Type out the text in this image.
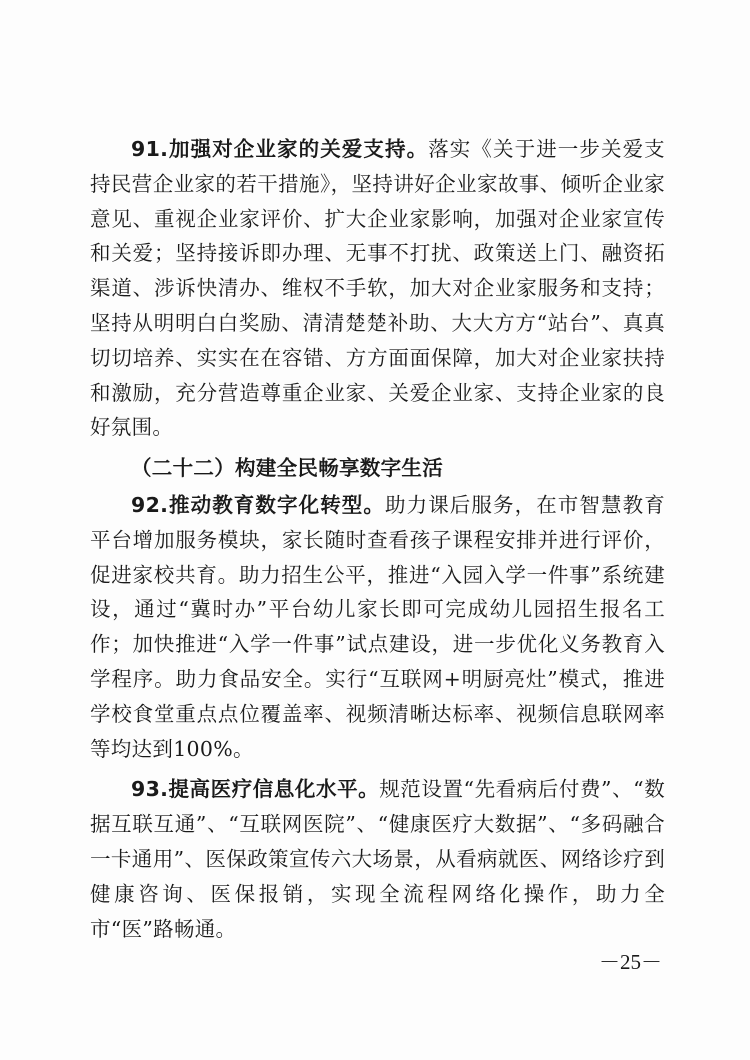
91.加强对企业家的关爱支持。落实《关于进一步关爱支持民营企业家的若干措施》，坚持讲好企业家故事、倾听企业家意见、重视企业家评价、扩大企业家影响，加强对企业家宣传和关爱；坚持接诉即办理、无事不打扰、政策送上门、融资拓渠道、涉诉快清办、维权不手软，加大对企业家服务和支持；坚持从明明白白奖励、清清楚楚补助、大大方方“站台”、真真切切培养、实实在在容错、方方面面保障，加大对企业家扶持和激励，充分营造尊重企业家、关爱企业家、支持企业家的良好氛围。

（二十二）构建全民畅享数字生活

92.推动教育数字化转型。助力课后服务，在市智慧教育平台增加服务模块，家长随时查看孩子课程安排并进行评价，促进家校共育。助力招生公平，推进“入园入学一件事”系统建设，通过“冀时办”平台幼儿家长即可完成幼儿园招生报名工作；加快推进“入学一件事”试点建设，进一步优化义务教育入学程序。助力食品安全。实行“互联网+明厨亮灶”模式，推进学校食堂重点点位覆盖率、视频清晰达标率、视频信息联网率等均达到100%。

93.提高医疗信息化水平。规范设置“先看病后付费”、“数据互联互通”、“互联网医院”、“健康医疗大数据”、“多码融合一卡通用”、医保政策宣传六大场景，从看病就医、网络诊疗到健康咨询、医保报销，实现全流程网络化操作，助力全市“医”路畅通。

－25－
